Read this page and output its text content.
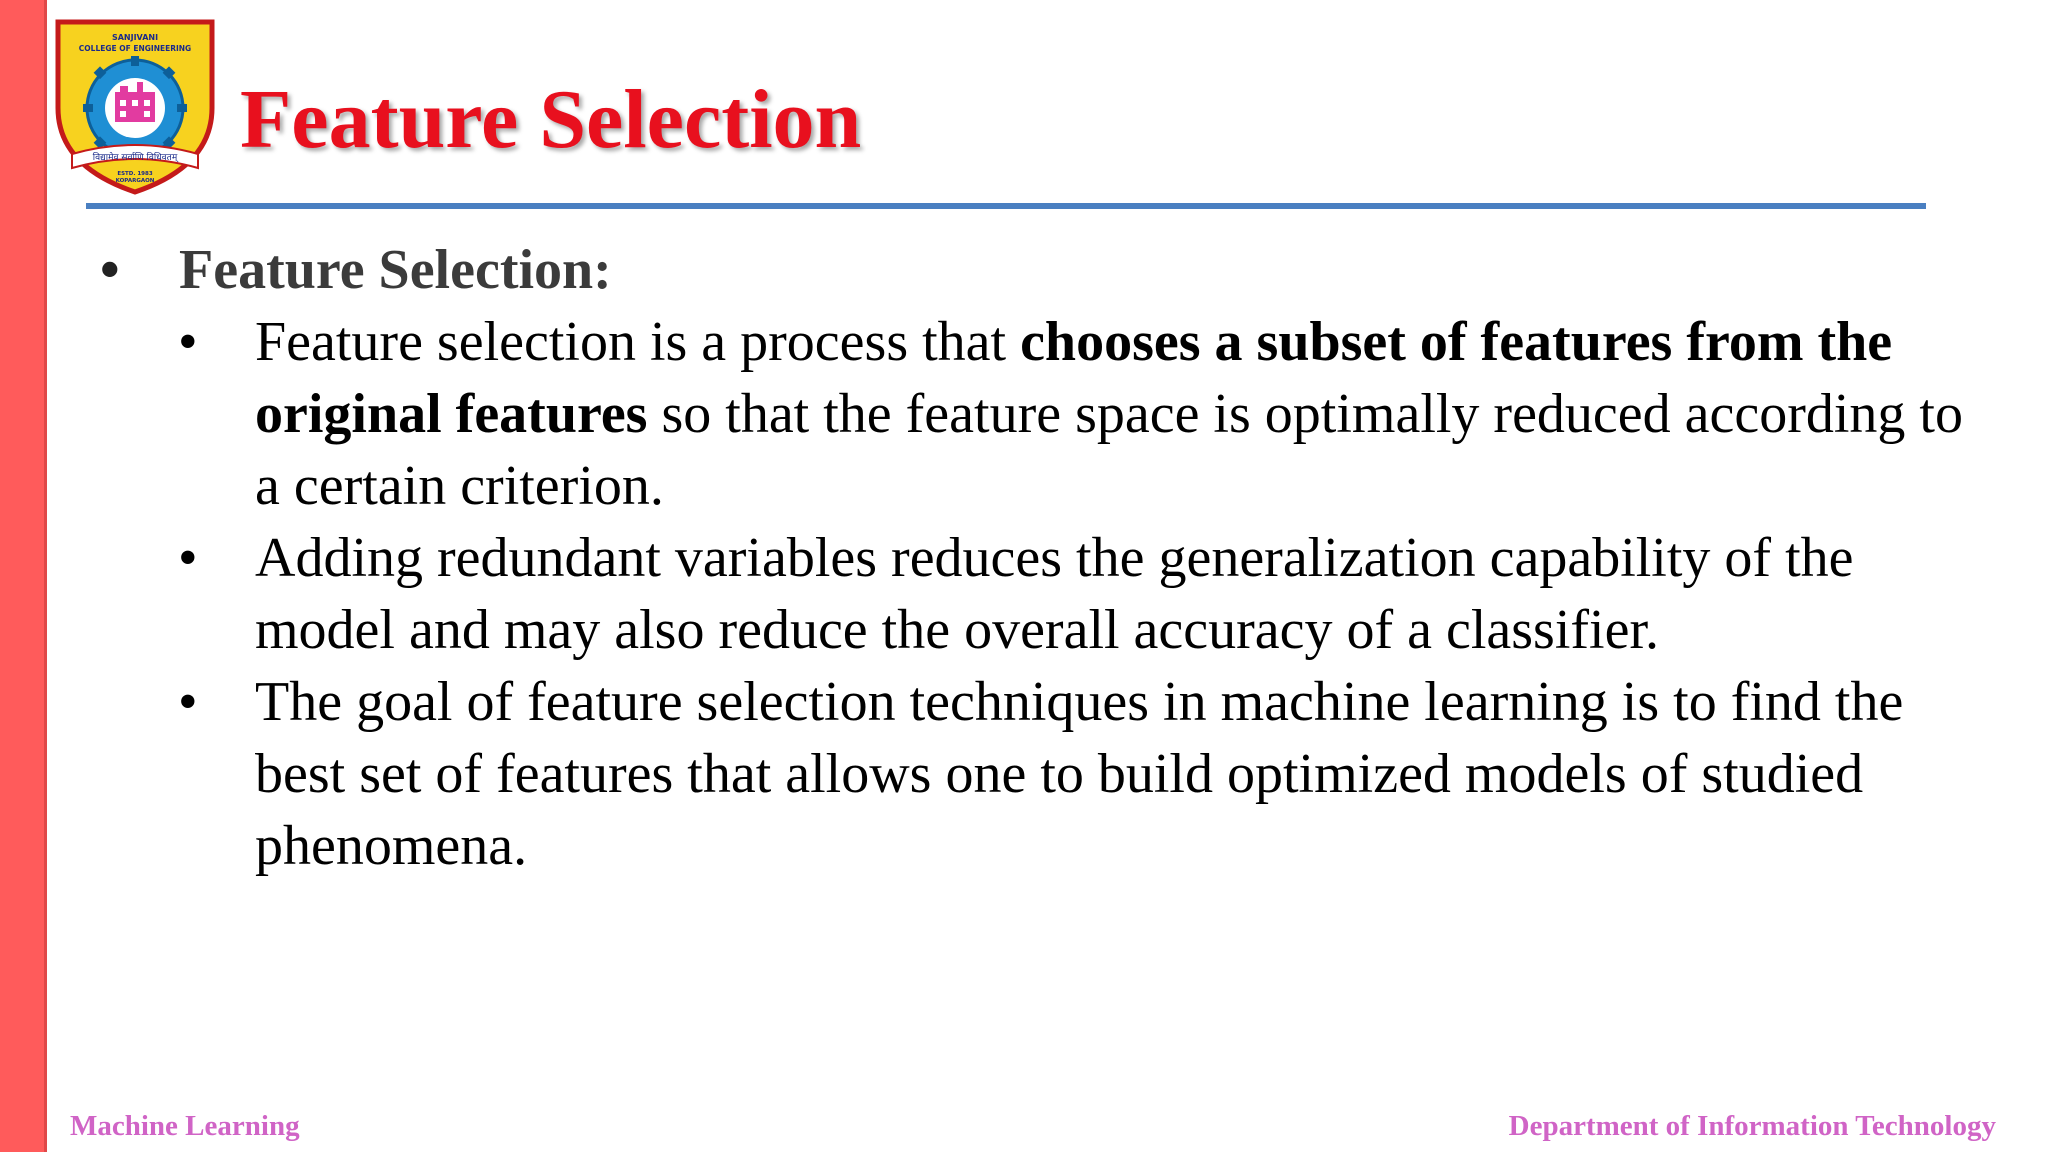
SANJIVANI
COLLEGE OF ENGINEERING
विद्यामेव सर्वाणि विधिवतम्
ESTD. 1983
KOPARGAON
Feature Selection
• Feature Selection:
• Feature selection is a process that chooses a subset of features from the original features so that the feature space is optimally reduced according to a certain criterion.
• Adding redundant variables reduces the generalization capability of the model and may also reduce the overall accuracy of a classifier.
• The goal of feature selection techniques in machine learning is to find the best set of features that allows one to build optimized models of studied phenomena.
Machine Learning	Department of Information Technology
